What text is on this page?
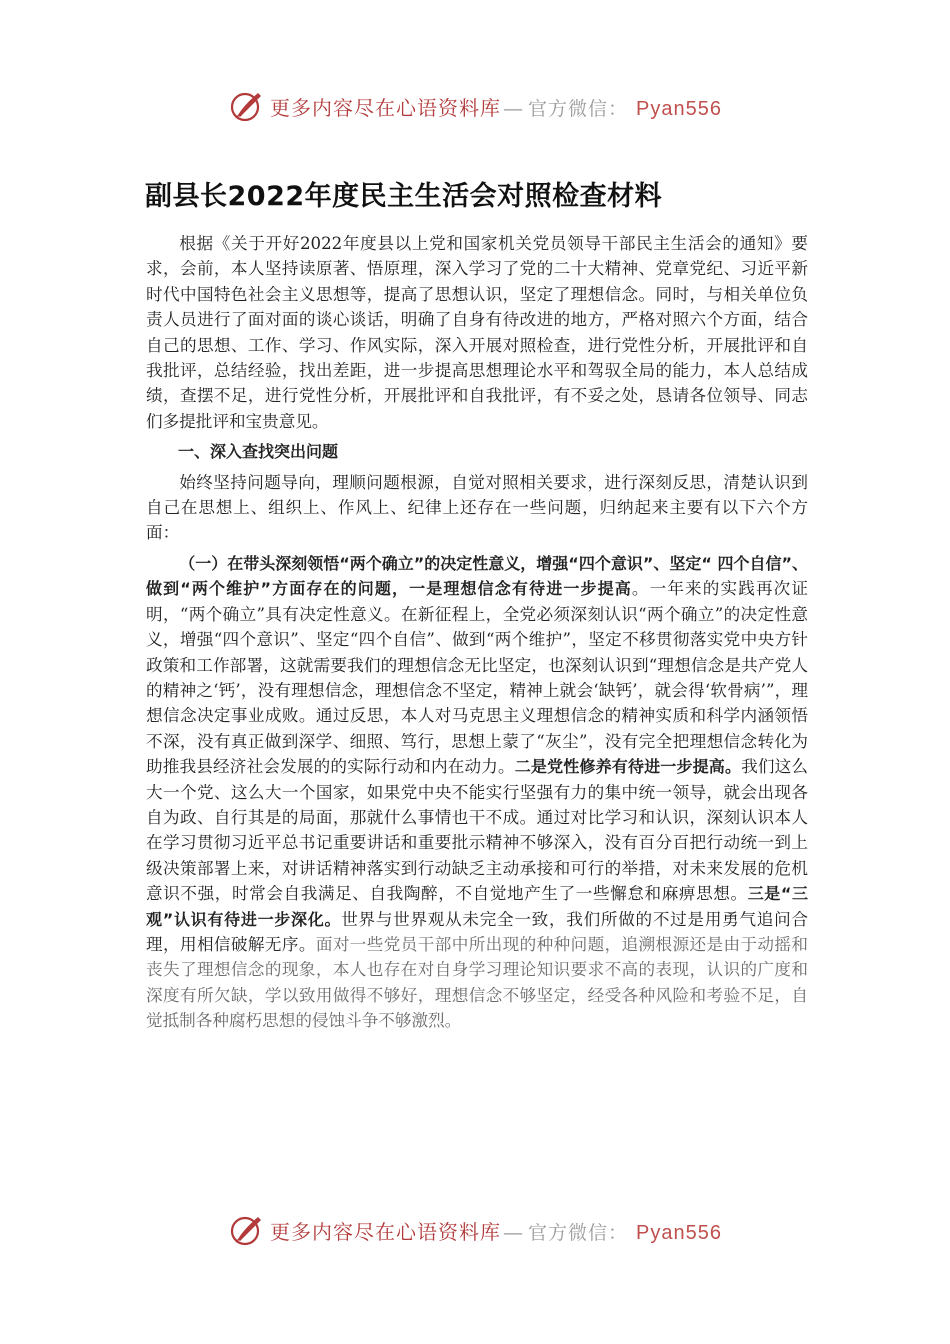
更多内容尽在心语资料库 — 官方微信： Pyan556
副县长2022年度民主生活会对照检查材料

根据《关于开好2022年度县以上党和国家机关党员领导干部民主生活会的通知》要求，会前，本人坚持读原著、悟原理，深入学习了党的二十大精神、党章党纪、习近平新时代中国特色社会主义思想等，提高了思想认识，坚定了理想信念。同时，与相关单位负责人员进行了面对面的谈心谈话，明确了自身有待改进的地方，严格对照六个方面，结合自己的思想、工作、学习、作风实际，深入开展对照检查，进行党性分析，开展批评和自我批评，总结经验，找出差距，进一步提高思想理论水平和驾驭全局的能力，本人总结成绩，查摆不足，进行党性分析，开展批评和自我批评，有不妥之处，恳请各位领导、同志们多提批评和宝贵意见。

一、深入查找突出问题

始终坚持问题导向，理顺问题根源，自觉对照相关要求，进行深刻反思，清楚认识到自己在思想上、组织上、作风上、纪律上还存在一些问题，归纳起来主要有以下六个方面：

（一）在带头深刻领悟“两个确立”的决定性意义，增强“四个意识”、坚定“ 四个自信”、做到“两个维护”方面存在的问题，一是理想信念有待进一步提高。一年来的实践再次证明，“两个确立”具有决定性意义。在新征程上，全党必须深刻认识“两个确立”的决定性意义，增强“四个意识”、坚定“四个自信”、做到“两个维护”，坚定不移贯彻落实党中央方针政策和工作部署，这就需要我们的理想信念无比坚定，也深刻认识到“理想信念是共产党人的精神之‘钙’，没有理想信念，理想信念不坚定，精神上就会‘缺钙’，就会得‘软骨病’”，理想信念决定事业成败。通过反思，本人对马克思主义理想信念的精神实质和科学内涵领悟不深，没有真正做到深学、细照、笃行，思想上蒙了“灰尘”，没有完全把理想信念转化为助推我县经济社会发展的的实际行动和内在动力。二是党性修养有待进一步提高。我们这么大一个党、这么大一个国家，如果党中央不能实行坚强有力的集中统一领导，就会出现各自为政、自行其是的局面，那就什么事情也干不成。通过对比学习和认识，深刻认识本人在学习贯彻习近平总书记重要讲话和重要批示精神不够深入，没有百分百把行动统一到上级决策部署上来，对讲话精神落实到行动缺乏主动承接和可行的举措，对未来发展的危机意识不强，时常会自我满足、自我陶醉，不自觉地产生了一些懈怠和麻痹思想。三是“三观”认识有待进一步深化。世界与世界观从未完全一致，我们所做的不过是用勇气追问合理，用相信破解无序。面对一些党员干部中所出现的种种问题，追溯根源还是由于动摇和丧失了理想信念的现象，本人也存在对自身学习理论知识要求不高的表现，认识的广度和深度有所欠缺，学以致用做得不够好，理想信念不够坚定，经受各种风险和考验不足，自觉抵制各种腐朽思想的侵蚀斗争不够激烈。

更多内容尽在心语资料库 — 官方微信： Pyan556
